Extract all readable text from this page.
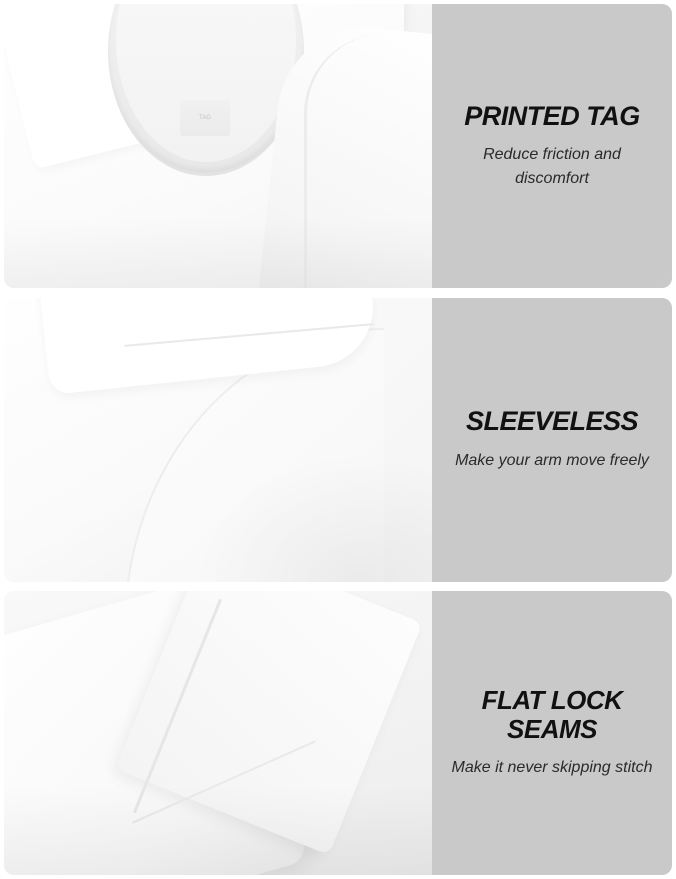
TAG	PRINTED TAG
Reduce friction and discomfort
SLEEVELESS
Make your arm move freely
FLAT LOCK SEAMS
Make it never skipping stitch
